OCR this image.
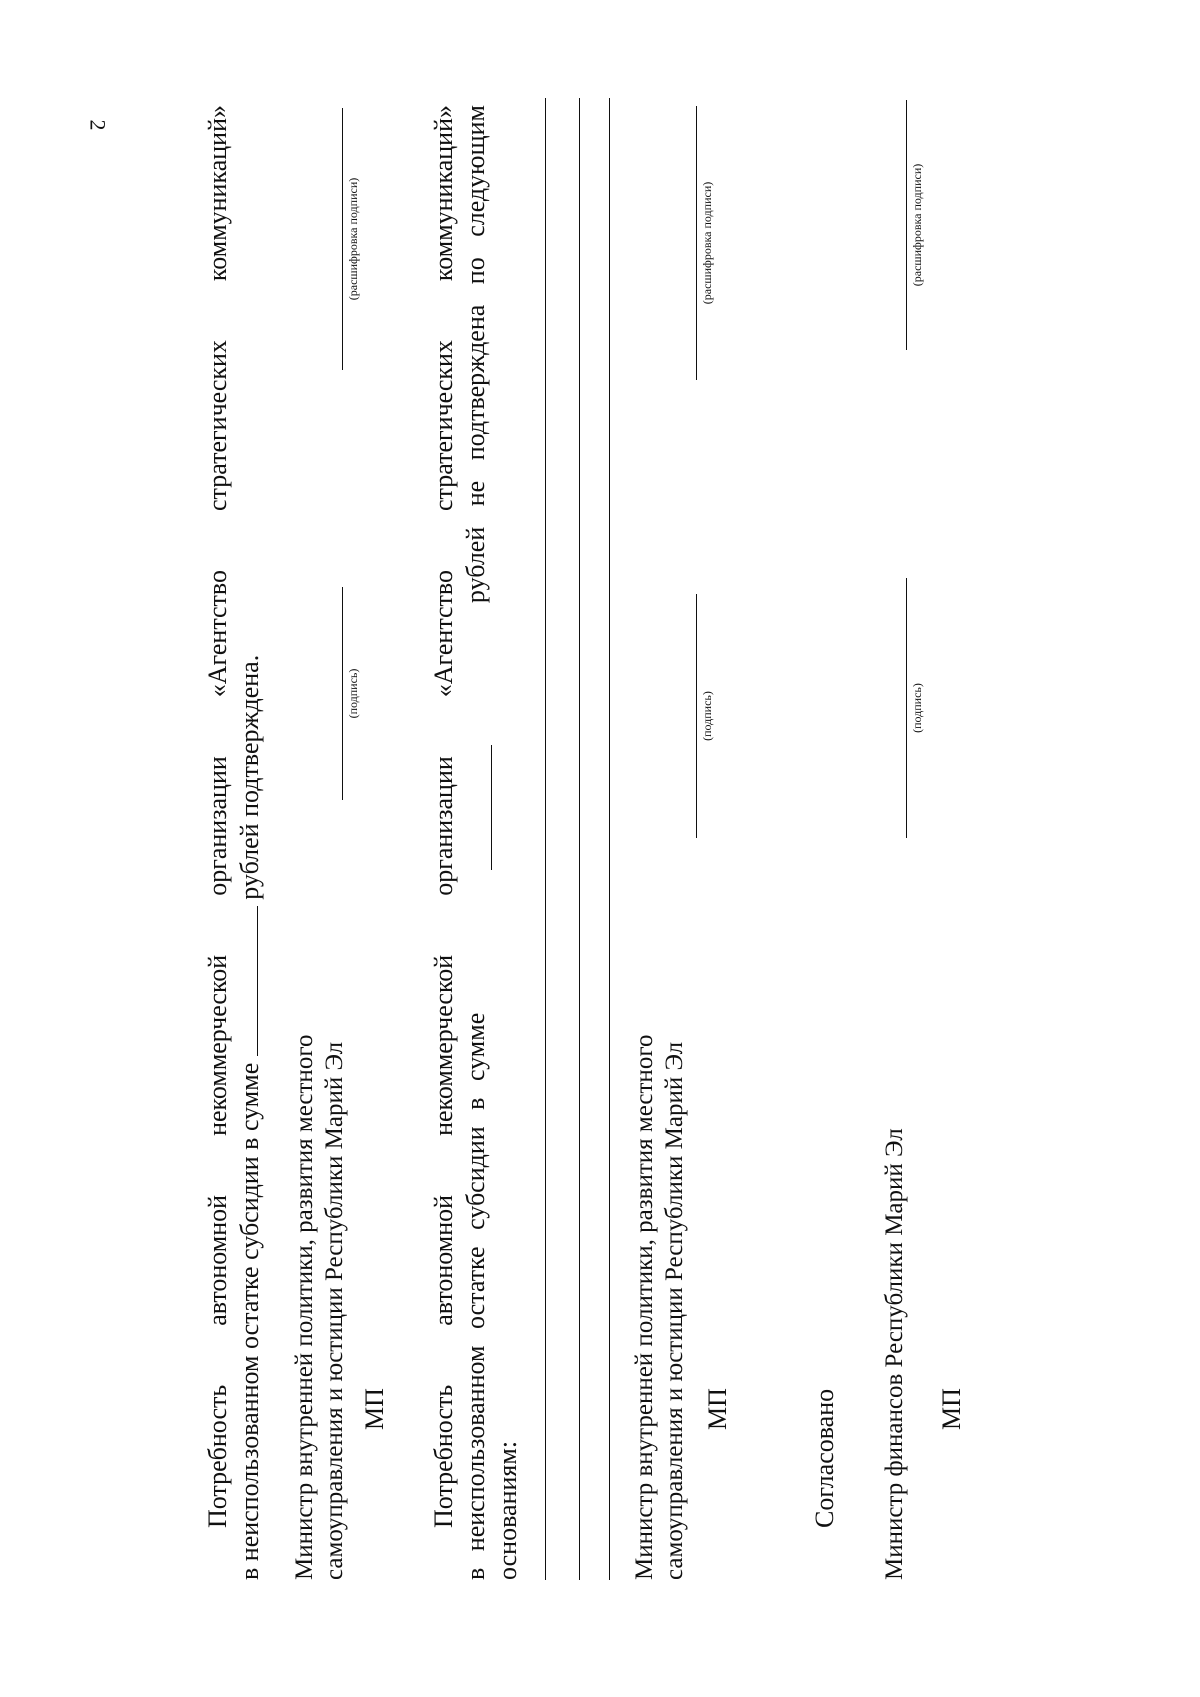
2	Потребность автономной некоммерческой организации «Агентство стратегических коммуникаций» в неиспользованном остатке субсидии в сумме  рублей подтверждена.
Министр внутренней политики, развития местного самоуправления и юстиции Республики Марий Эл МП
(подпись)
(расшифровка подписи)	Потребность автономной некоммерческой организации «Агентство стратегических коммуникаций» в неиспользованном остатке субсидии в сумме
рублей не подтверждена по следующим
основаниям:	Министр внутренней политики, развития местного самоуправления и юстиции Республики Марий Эл МП
(подпись)
(расшифровка подписи)
Согласовано Министр финансов Республики Марий Эл МП
(подпись)
(расшифровка подписи)
